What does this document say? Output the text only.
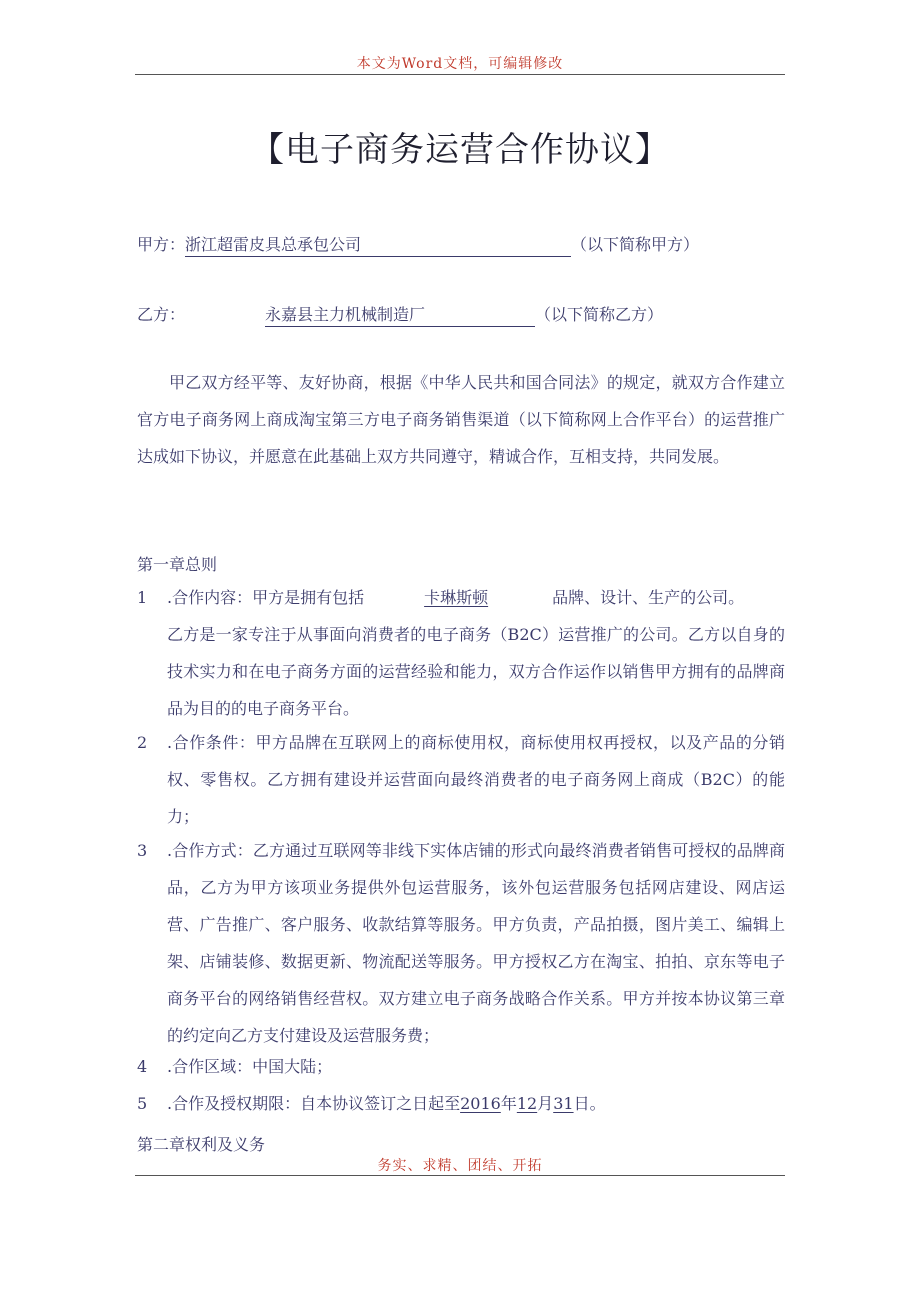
本文为Word文档，可编辑修改
【电子商务运营合作协议】
甲方：浙江超雷皮具总承包公司	（以下简称甲方）
乙方：	永嘉县主力机械制造厂	（以下简称乙方）
甲乙双方经平等、友好协商，根据《中华人民共和国合同法》的规定，就双方合作建立官方电子商务网上商成淘宝第三方电子商务销售渠道（以下简称网上合作平台）的运营推广达成如下协议，并愿意在此基础上双方共同遵守，精诚合作，互相支持，共同发展。
第一章总则
1	.合作内容：甲方是拥有包括	卡琳斯顿	品牌、设计、生产的公司。
乙方是一家专注于从事面向消费者的电子商务（B2C）运营推广的公司。乙方以自身的技术实力和在电子商务方面的运营经验和能力，双方合作运作以销售甲方拥有的品牌商品为目的的电子商务平台。
2	.合作条件：甲方品牌在互联网上的商标使用权，商标使用权再授权，以及产品的分销权、零售权。乙方拥有建设并运营面向最终消费者的电子商务网上商成（B2C）的能力；
3	.合作方式：乙方通过互联网等非线下实体店铺的形式向最终消费者销售可授权的品牌商品，乙方为甲方该项业务提供外包运营服务，该外包运营服务包括网店建设、网店运营、广告推广、客户服务、收款结算等服务。甲方负责，产品拍摄，图片美工、编辑上架、店铺装修、数据更新、物流配送等服务。甲方授权乙方在淘宝、拍拍、京东等电子商务平台的网络销售经营权。双方建立电子商务战略合作关系。甲方并按本协议第三章的约定向乙方支付建设及运营服务费；
4	.合作区域：中国大陆；
5	.合作及授权期限：自本协议签订之日起至2016年12月31日。
第二章权利及义务
务实、求精、团结、开拓
